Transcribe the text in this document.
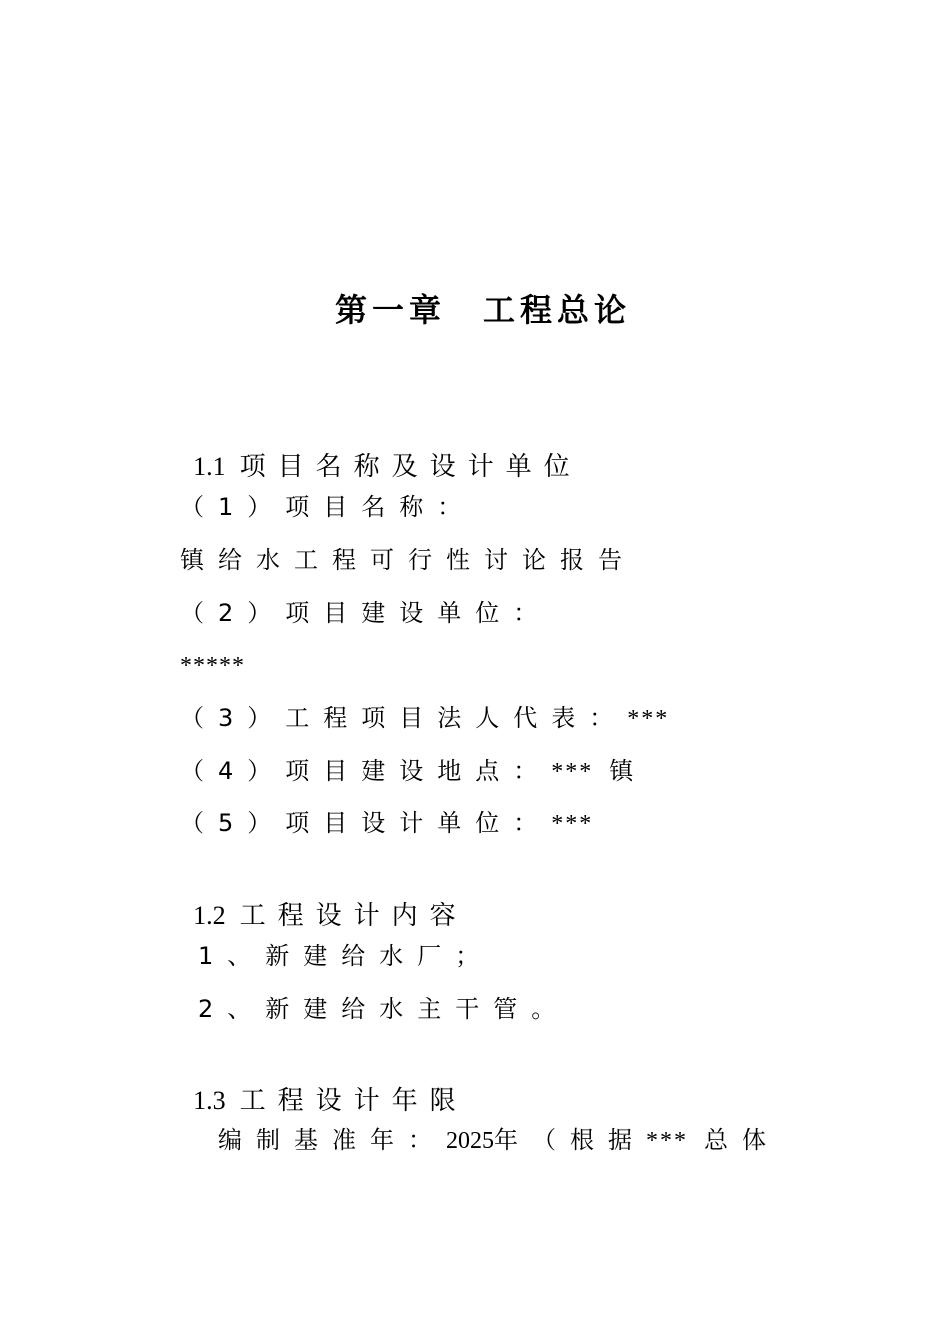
第一章　工程总论

1.1 项目名称及设计单位

（1）项目名称：
镇给水工程可行性讨论报告
（2）项目建设单位：
*****
（3）工程项目法人代表：***
（4）项目建设地点：*** 镇
（5）项目设计单位：***

1.2 工程设计内容

1、新建给水厂；
2、新建给水主干管。

1.3 工程设计年限

编制基准年：2025年（根据*** 总体
